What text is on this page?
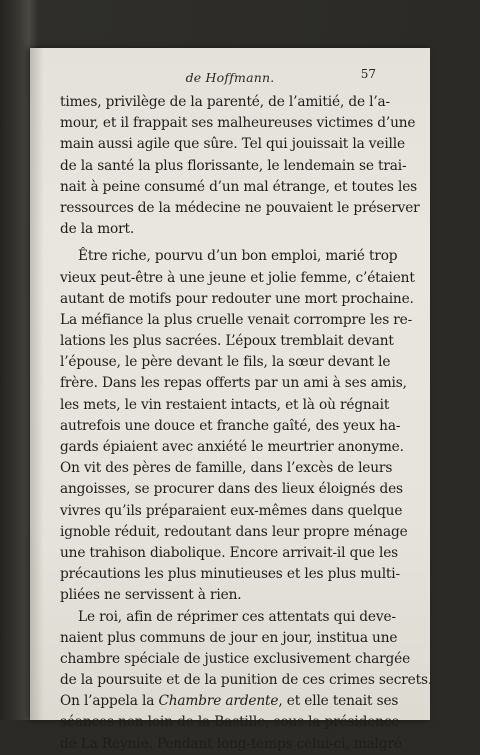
de Hoffmann.	57
times, privilège de la parenté, de l’amitié, de l’a-
mour, et il frappait ses malheureuses victimes d’une
main aussi agile que sûre. Tel qui jouissait la veille
de la santé la plus florissante, le lendemain se trai-
nait à peine consumé d’un mal étrange, et toutes les
ressources de la médecine ne pouvaient le préserver
de la mort.
Être riche, pourvu d’un bon emploi, marié trop
vieux peut-être à une jeune et jolie femme, c’étaient
autant de motifs pour redouter une mort prochaine.
La méfiance la plus cruelle venait corrompre les re-
lations les plus sacrées. L’époux tremblait devant
l’épouse, le père devant le fils, la sœur devant le
frère. Dans les repas offerts par un ami à ses amis,
les mets, le vin restaient intacts, et là où régnait
autrefois une douce et franche gaîté, des yeux ha-
gards épiaient avec anxiété le meurtrier anonyme.
On vit des pères de famille, dans l’excès de leurs
angoisses, se procurer dans des lieux éloignés des
vivres qu’ils préparaient eux-mêmes dans quelque
ignoble réduit, redoutant dans leur propre ménage
une trahison diabolique. Encore arrivait-il que les
précautions les plus minutieuses et les plus multi-
pliées ne servissent à rien.
Le roi, afin de réprimer ces attentats qui deve-
naient plus communs de jour en jour, institua une
chambre spéciale de justice exclusivement chargée
de la poursuite et de la punition de ces crimes secrets.
On l’appela la Chambre ardente, et elle tenait ses
séances non loin de la Bastille, sous la présidence
de La Reynie. Pendant long-temps celui-ci, malgré
